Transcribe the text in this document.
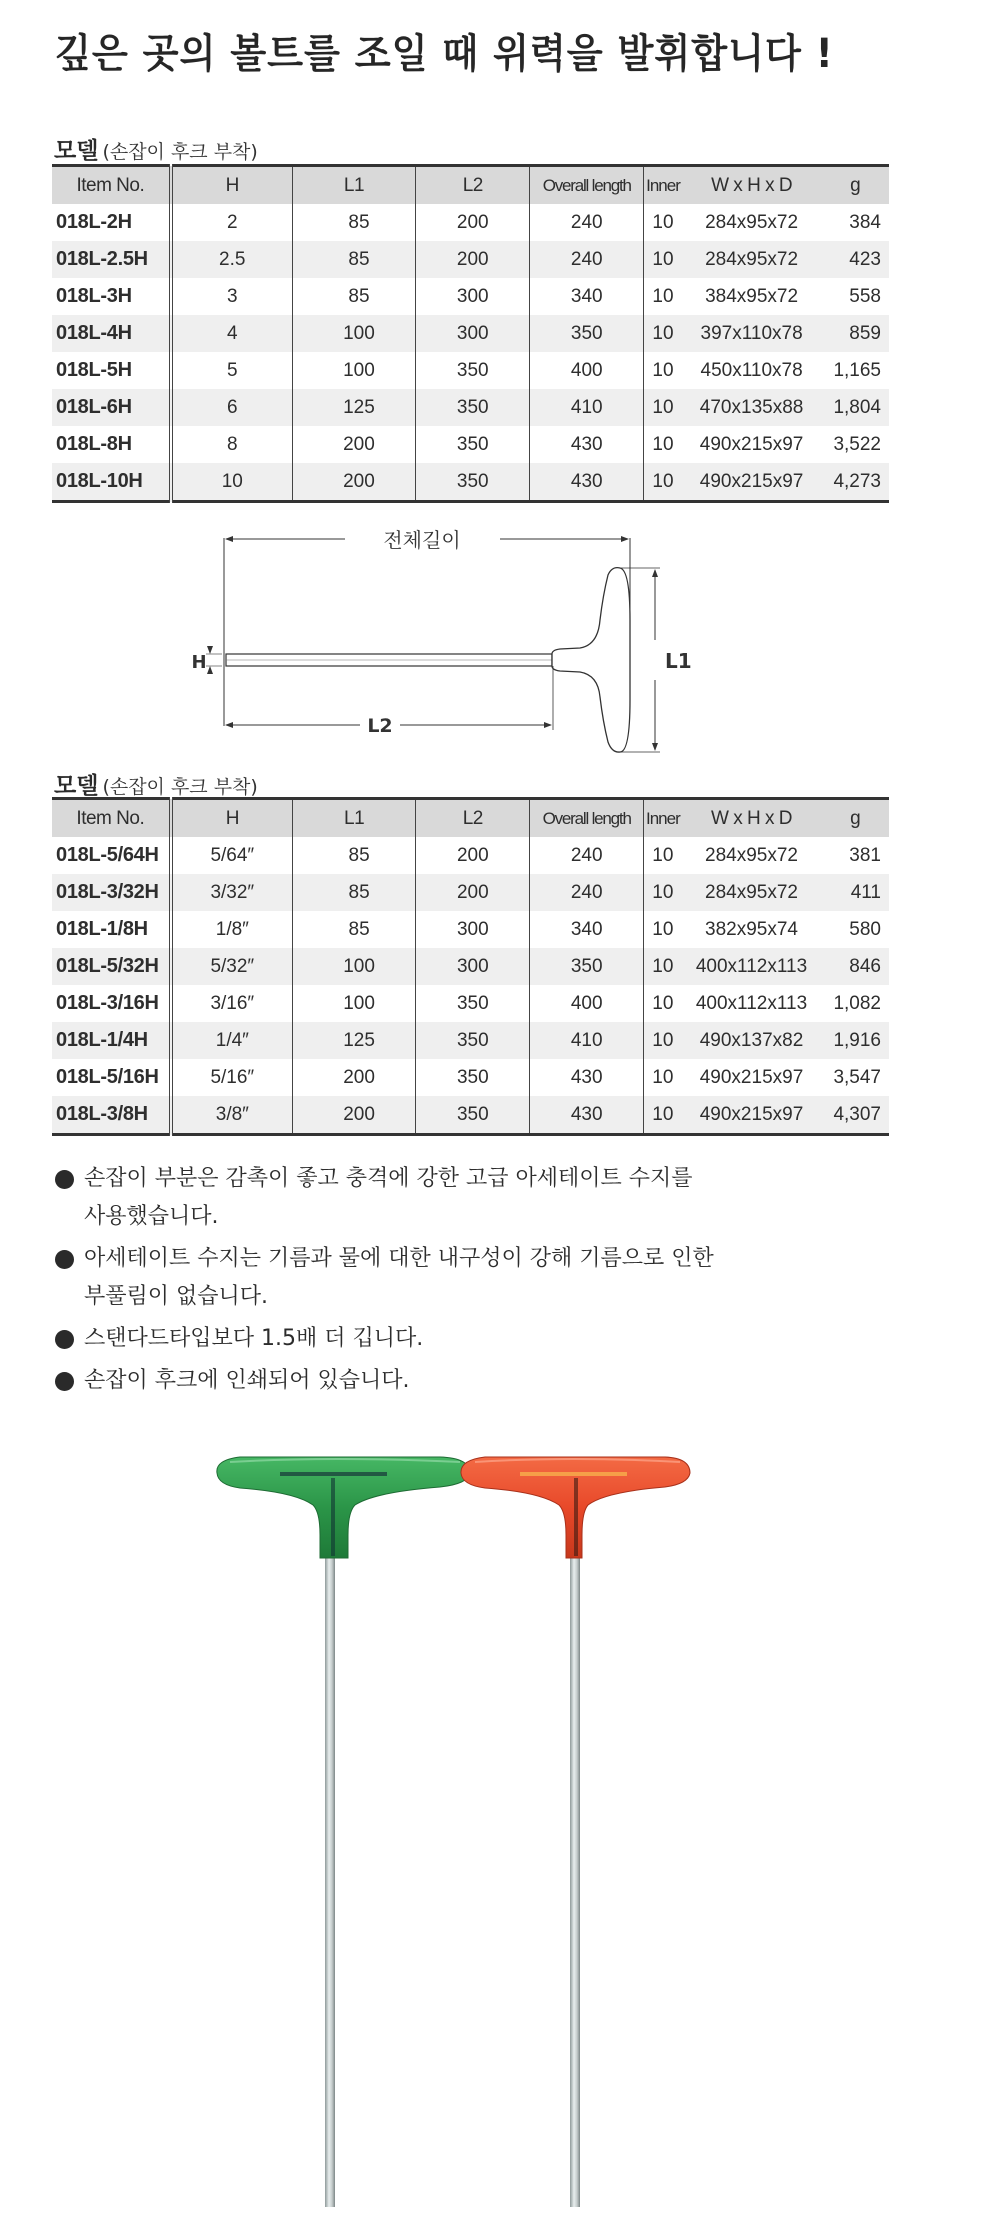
깊은 곳의 볼트를 조일 때 위력을 발휘합니다 !
모델 (손잡이 후크 부착)
Item No.	H	L1	L2	Overall length	Inner	W x H x D	g
018L-2H	2	85	200	240	10	284x95x72	384
018L-2.5H	2.5	85	200	240	10	284x95x72	423
018L-3H	3	85	300	340	10	384x95x72	558
018L-4H	4	100	300	350	10	397x110x78	859
018L-5H	5	100	350	400	10	450x110x78	1,165
018L-6H	6	125	350	410	10	470x135x88	1,804
018L-8H	8	200	350	430	10	490x215x97	3,522
018L-10H	10	200	350	430	10	490x215x97	4,273
전체길이
H	L1
L2
모델 (손잡이 후크 부착)
Item No.	H	L1	L2	Overall length	Inner	W x H x D	g
018L-5/64H	5/64″	85	200	240	10	284x95x72	381
018L-3/32H	3/32″	85	200	240	10	284x95x72	411
018L-1/8H	1/8″	85	300	340	10	382x95x74	580
018L-5/32H	5/32″	100	300	350	10	400x112x113	846
018L-3/16H	3/16″	100	350	400	10	400x112x113	1,082
018L-1/4H	1/4″	125	350	410	10	490x137x82	1,916
018L-5/16H	5/16″	200	350	430	10	490x215x97	3,547
018L-3/8H	3/8″	200	350	430	10	490x215x97	4,307
손잡이 부분은 감촉이 좋고 충격에 강한 고급 아세테이트 수지를
사용했습니다.
아세테이트 수지는 기름과 물에 대한 내구성이 강해 기름으로 인한
부풀림이 없습니다.
스탠다드타입보다 1.5배 더 깁니다.
손잡이 후크에 인쇄되어 있습니다.
